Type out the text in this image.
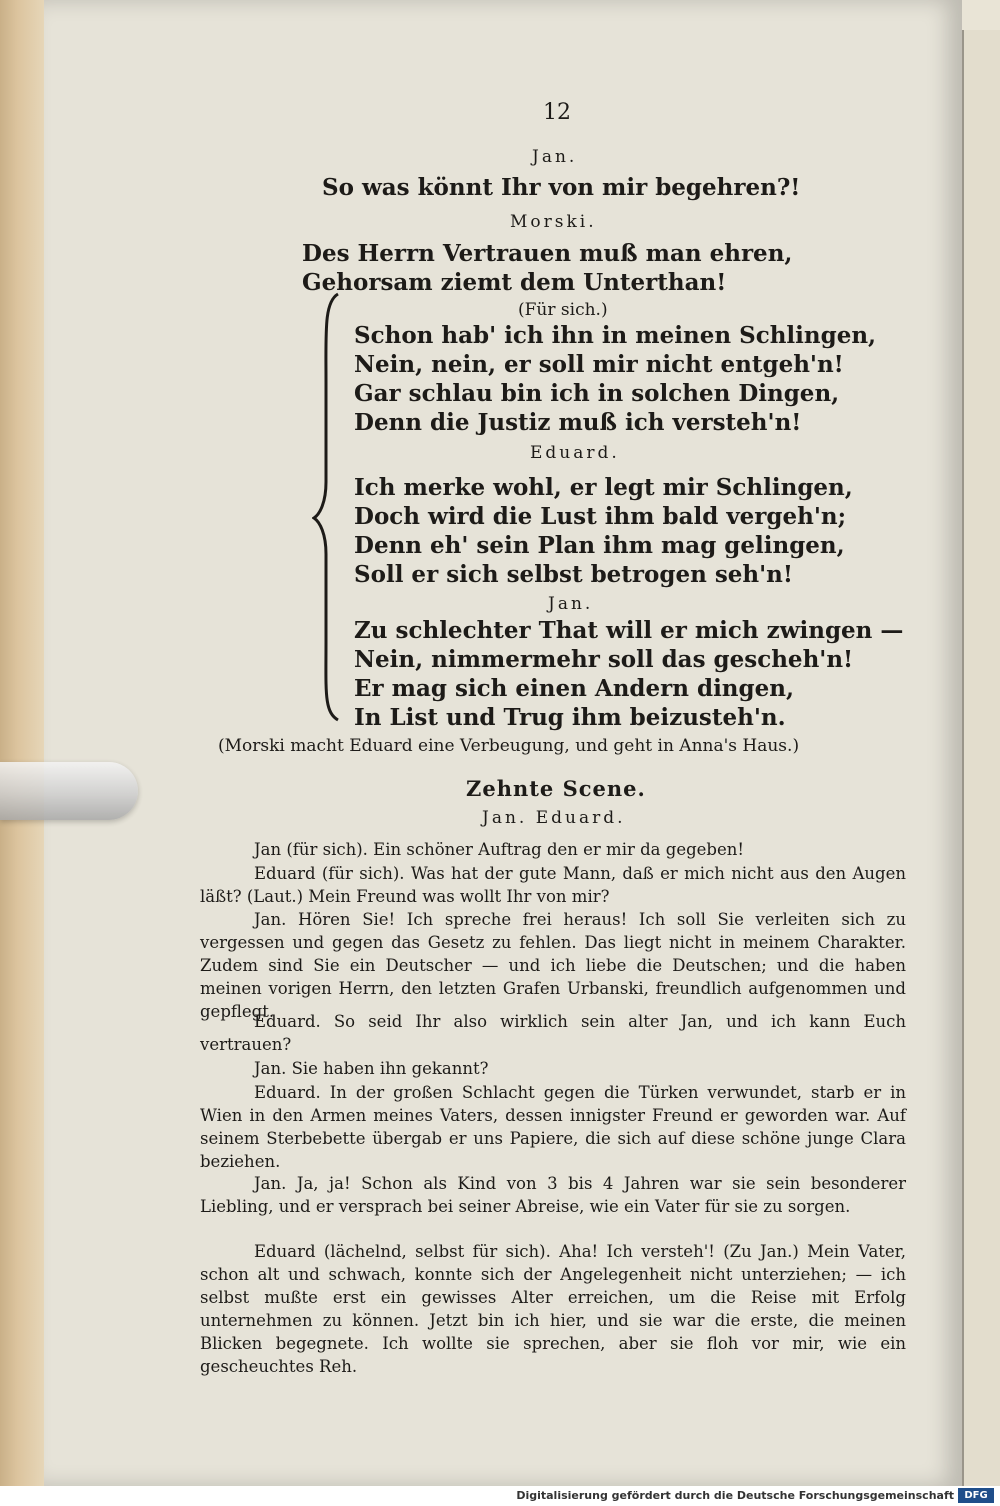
12
Jan.
So was könnt Ihr von mir begehren?!
Morski.
Des Herrn Vertrauen muß man ehren,
Gehorsam ziemt dem Unterthan!
(Für sich.)
Schon hab' ich ihn in meinen Schlingen,
Nein, nein, er soll mir nicht entgeh'n!
Gar schlau bin ich in solchen Dingen,
Denn die Justiz muß ich versteh'n!
Eduard.
Ich merke wohl, er legt mir Schlingen,
Doch wird die Lust ihm bald vergeh'n;
Denn eh' sein Plan ihm mag gelingen,
Soll er sich selbst betrogen seh'n!
Jan.
Zu schlechter That will er mich zwingen —
Nein, nimmermehr soll das gescheh'n!
Er mag sich einen Andern dingen,
In List und Trug ihm beizusteh'n.
(Morski macht Eduard eine Verbeugung, und geht in Anna's Haus.)
Zehnte Scene.
Jan. Eduard.
Jan (für sich). Ein schöner Auftrag den er mir da gegeben!
Eduard (für sich). Was hat der gute Mann, daß er mich nicht aus den Augen läßt? (Laut.) Mein Freund was wollt Ihr von mir?
Jan. Hören Sie! Ich spreche frei heraus! Ich soll Sie verleiten sich zu vergessen und gegen das Gesetz zu fehlen. Das liegt nicht in meinem Charakter. Zudem sind Sie ein Deutscher — und ich liebe die Deutschen; und die haben meinen vorigen Herrn, den letzten Grafen Urbanski, freundlich aufgenommen und gepflegt.
Eduard. So seid Ihr also wirklich sein alter Jan, und ich kann Euch vertrauen?
Jan. Sie haben ihn gekannt?
Eduard. In der großen Schlacht gegen die Türken verwundet, starb er in Wien in den Armen meines Vaters, dessen innigster Freund er geworden war. Auf seinem Sterbebette übergab er uns Papiere, die sich auf diese schöne junge Clara beziehen.
Jan. Ja, ja! Schon als Kind von 3 bis 4 Jahren war sie sein besonderer Liebling, und er versprach bei seiner Abreise, wie ein Vater für sie zu sorgen.
Eduard (lächelnd, selbst für sich). Aha! Ich versteh'! (Zu Jan.) Mein Vater, schon alt und schwach, konnte sich der Angelegenheit nicht unterziehen; — ich selbst mußte erst ein gewisses Alter erreichen, um die Reise mit Erfolg unternehmen zu können. Jetzt bin ich hier, und sie war die erste, die meinen Blicken begegnete. Ich wollte sie sprechen, aber sie floh vor mir, wie ein gescheuchtes Reh.
Digitalisierung gefördert durch die Deutsche Forschungsgemeinschaft	DFG
